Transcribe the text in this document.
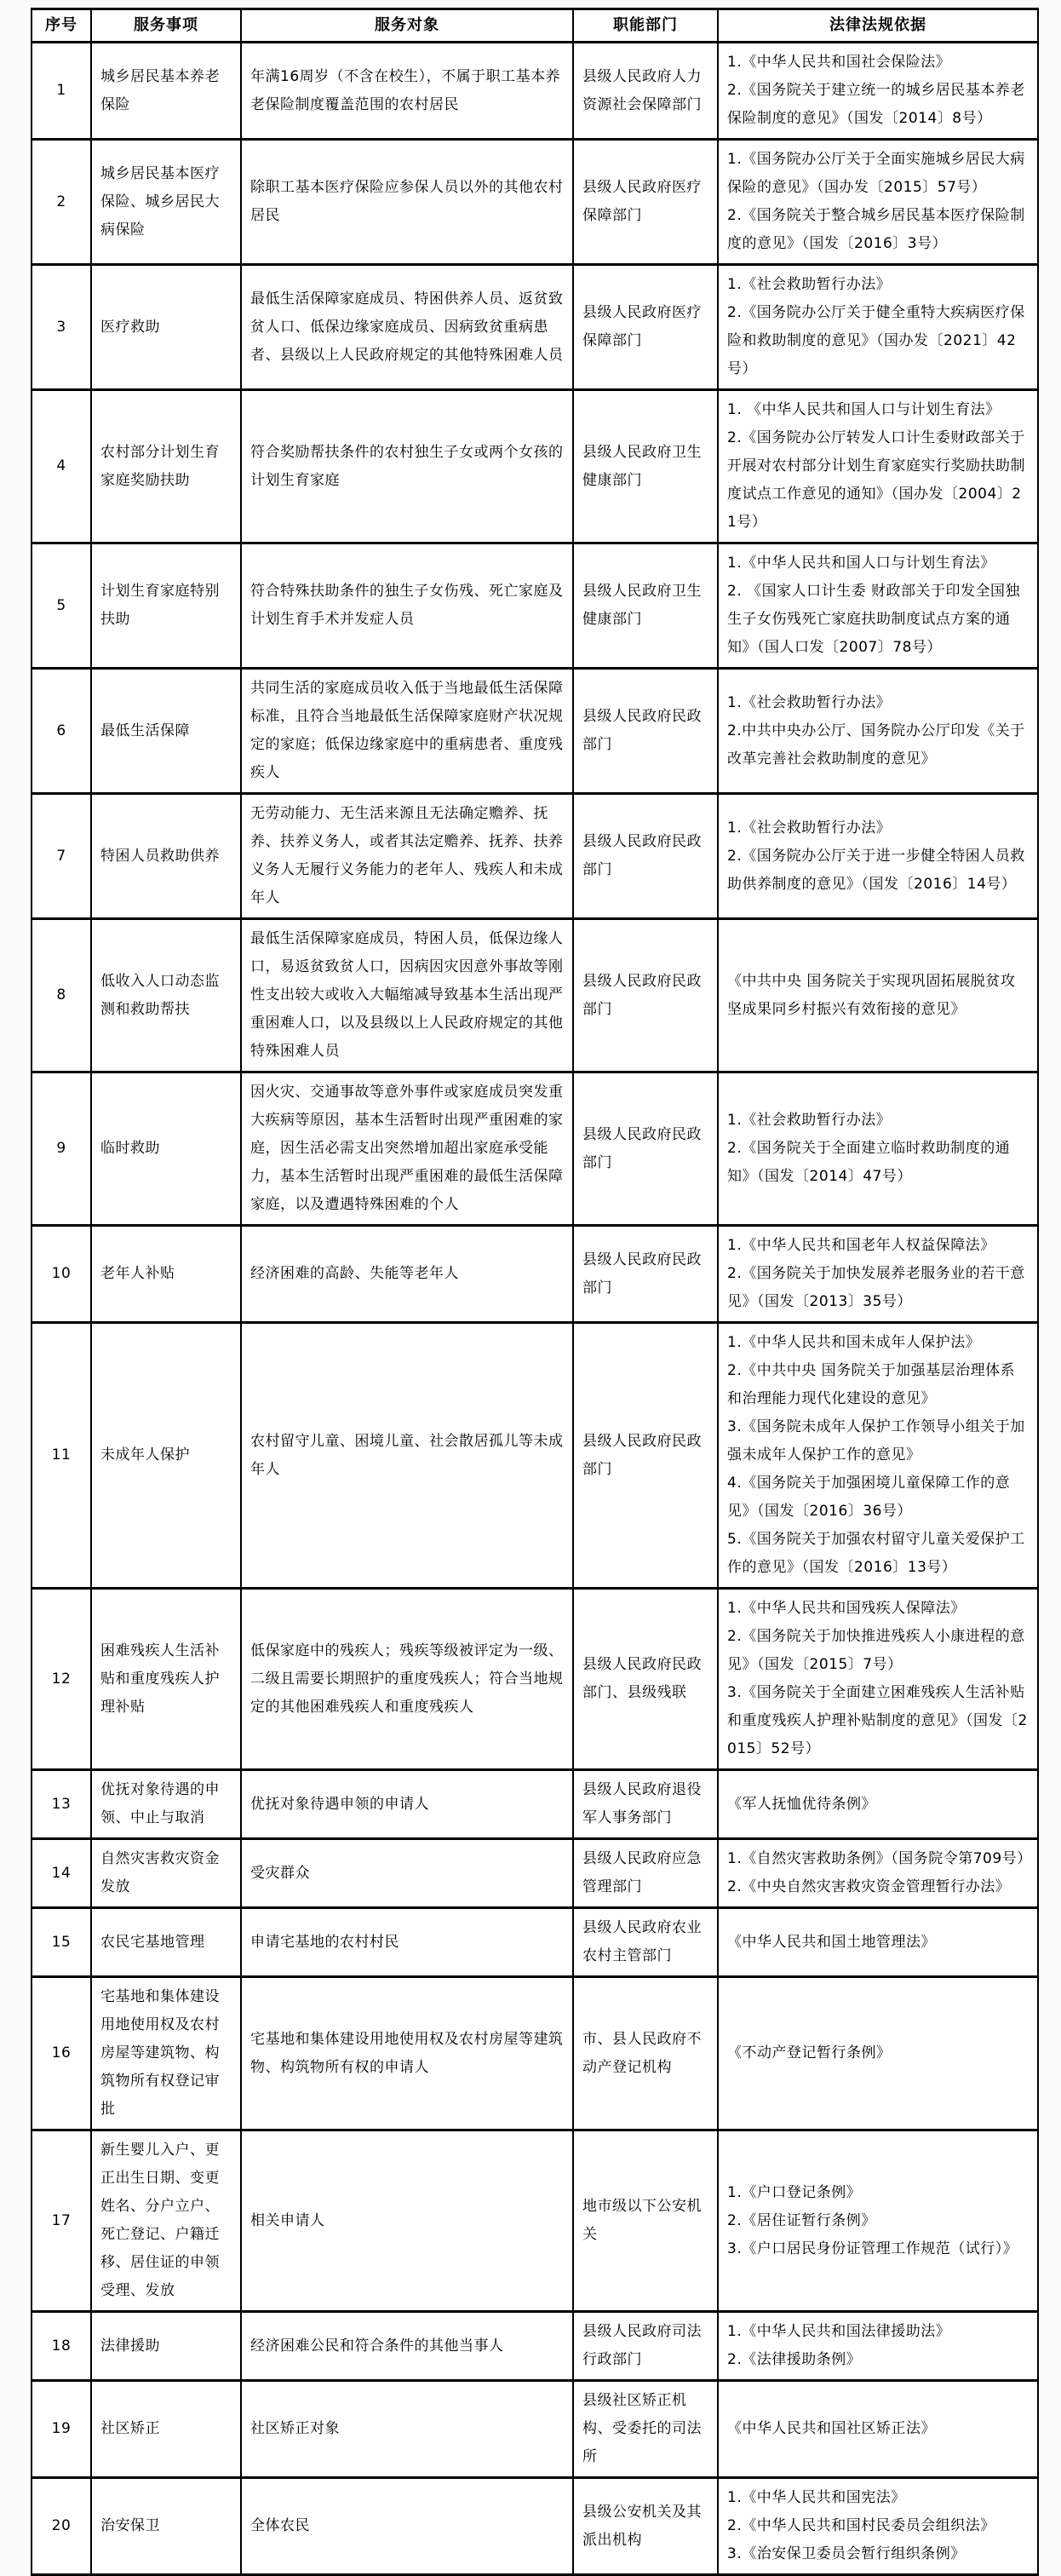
序号	服务事项	服务对象	职能部门	法律法规依据
1	城乡居民基本养老保险	年满16周岁（不含在校生），不属于职工基本养老保险制度覆盖范围的农村居民	县级人民政府人力资源社会保障部门	1.《中华人民共和国社会保险法》

2.《国务院关于建立统一的城乡居民基本养老保险制度的意见》（国发〔2014〕8号）

2	城乡居民基本医疗保险、城乡居民大病保险	除职工基本医疗保险应参保人员以外的其他农村居民	县级人民政府医疗保障部门	1.《国务院办公厅关于全面实施城乡居民大病保险的意见》（国办发〔2015〕57号）

2.《国务院关于整合城乡居民基本医疗保险制度的意见》（国发〔2016〕3号）

3	医疗救助	最低生活保障家庭成员、特困供养人员、返贫致贫人口、低保边缘家庭成员、因病致贫重病患者、县级以上人民政府规定的其他特殊困难人员	县级人民政府医疗保障部门	1.《社会救助暂行办法》

2.《国务院办公厅关于健全重特大疾病医疗保险和救助制度的意见》（国办发〔2021〕42号）

4	农村部分计划生育家庭奖励扶助	符合奖励帮扶条件的农村独生子女或两个女孩的计划生育家庭	县级人民政府卫生健康部门	1. 《中华人民共和国人口与计划生育法》

2.《国务院办公厅转发人口计生委财政部关于开展对农村部分计划生育家庭实行奖励扶助制度试点工作意见的通知》（国办发〔2004〕21号）

5	计划生育家庭特别扶助	符合特殊扶助条件的独生子女伤残、死亡家庭及计划生育手术并发症人员	县级人民政府卫生健康部门	1.《中华人民共和国人口与计划生育法》

2. 《国家人口计生委 财政部关于印发全国独生子女伤残死亡家庭扶助制度试点方案的通知》（国人口发〔2007〕78号）

6	最低生活保障	共同生活的家庭成员收入低于当地最低生活保障标准，且符合当地最低生活保障家庭财产状况规定的家庭；低保边缘家庭中的重病患者、重度残疾人	县级人民政府民政部门	1.《社会救助暂行办法》

2.中共中央办公厅、国务院办公厅印发《关于改革完善社会救助制度的意见》

7	特困人员救助供养	无劳动能力、无生活来源且无法确定赡养、抚养、扶养义务人，或者其法定赡养、抚养、扶养义务人无履行义务能力的老年人、残疾人和未成年人	县级人民政府民政部门	1.《社会救助暂行办法》

2.《国务院办公厅关于进一步健全特困人员救助供养制度的意见》（国发〔2016〕14号）

8	低收入人口动态监测和救助帮扶	最低生活保障家庭成员，特困人员，低保边缘人口，易返贫致贫人口，因病因灾因意外事故等刚性支出较大或收入大幅缩减导致基本生活出现严重困难人口，以及县级以上人民政府规定的其他特殊困难人员	县级人民政府民政部门	《中共中央 国务院关于实现巩固拓展脱贫攻坚成果同乡村振兴有效衔接的意见》

9	临时救助	因火灾、交通事故等意外事件或家庭成员突发重大疾病等原因，基本生活暂时出现严重困难的家庭，因生活必需支出突然增加超出家庭承受能力，基本生活暂时出现严重困难的最低生活保障家庭，以及遭遇特殊困难的个人	县级人民政府民政部门	1.《社会救助暂行办法》

2.《国务院关于全面建立临时救助制度的通知》（国发〔2014〕47号）

10	老年人补贴	经济困难的高龄、失能等老年人	县级人民政府民政部门	1.《中华人民共和国老年人权益保障法》

2.《国务院关于加快发展养老服务业的若干意见》（国发〔2013〕35号）

11	未成年人保护	农村留守儿童、困境儿童、社会散居孤儿等未成年人	县级人民政府民政部门	1.《中华人民共和国未成年人保护法》

2.《中共中央 国务院关于加强基层治理体系和治理能力现代化建设的意见》

3.《国务院未成年人保护工作领导小组关于加强未成年人保护工作的意见》

4.《国务院关于加强困境儿童保障工作的意见》（国发〔2016〕36号）

5.《国务院关于加强农村留守儿童关爱保护工作的意见》（国发〔2016〕13号）

12	困难残疾人生活补贴和重度残疾人护理补贴	低保家庭中的残疾人；残疾等级被评定为一级、二级且需要长期照护的重度残疾人；符合当地规定的其他困难残疾人和重度残疾人	县级人民政府民政部门、县级残联	1.《中华人民共和国残疾人保障法》

2.《国务院关于加快推进残疾人小康进程的意见》（国发〔2015〕7号）

3.《国务院关于全面建立困难残疾人生活补贴和重度残疾人护理补贴制度的意见》（国发〔2015〕52号）

13	优抚对象待遇的申领、中止与取消	优抚对象待遇申领的申请人	县级人民政府退役军人事务部门	《军人抚恤优待条例》

14	自然灾害救灾资金发放	受灾群众	县级人民政府应急管理部门	1.《自然灾害救助条例》（国务院令第709号）

2.《中央自然灾害救灾资金管理暂行办法》

15	农民宅基地管理	申请宅基地的农村村民	县级人民政府农业农村主管部门	《中华人民共和国土地管理法》

16	宅基地和集体建设用地使用权及农村房屋等建筑物、构筑物所有权登记审批	宅基地和集体建设用地使用权及农村房屋等建筑物、构筑物所有权的申请人	市、县人民政府不动产登记机构	《不动产登记暂行条例》

17	新生婴儿入户、更正出生日期、变更姓名、分户立户、死亡登记、户籍迁移、居住证的申领受理、发放	相关申请人	地市级以下公安机关	1.《户口登记条例》

2.《居住证暂行条例》

3.《户口居民身份证管理工作规范（试行）》

18	法律援助	经济困难公民和符合条件的其他当事人	县级人民政府司法行政部门	1.《中华人民共和国法律援助法》

2.《法律援助条例》

19	社区矫正	社区矫正对象	县级社区矫正机构、受委托的司法所	《中华人民共和国社区矫正法》

20	治安保卫	全体农民	县级公安机关及其派出机构	1.《中华人民共和国宪法》

2.《中华人民共和国村民委员会组织法》

3.《治安保卫委员会暂行组织条例》
